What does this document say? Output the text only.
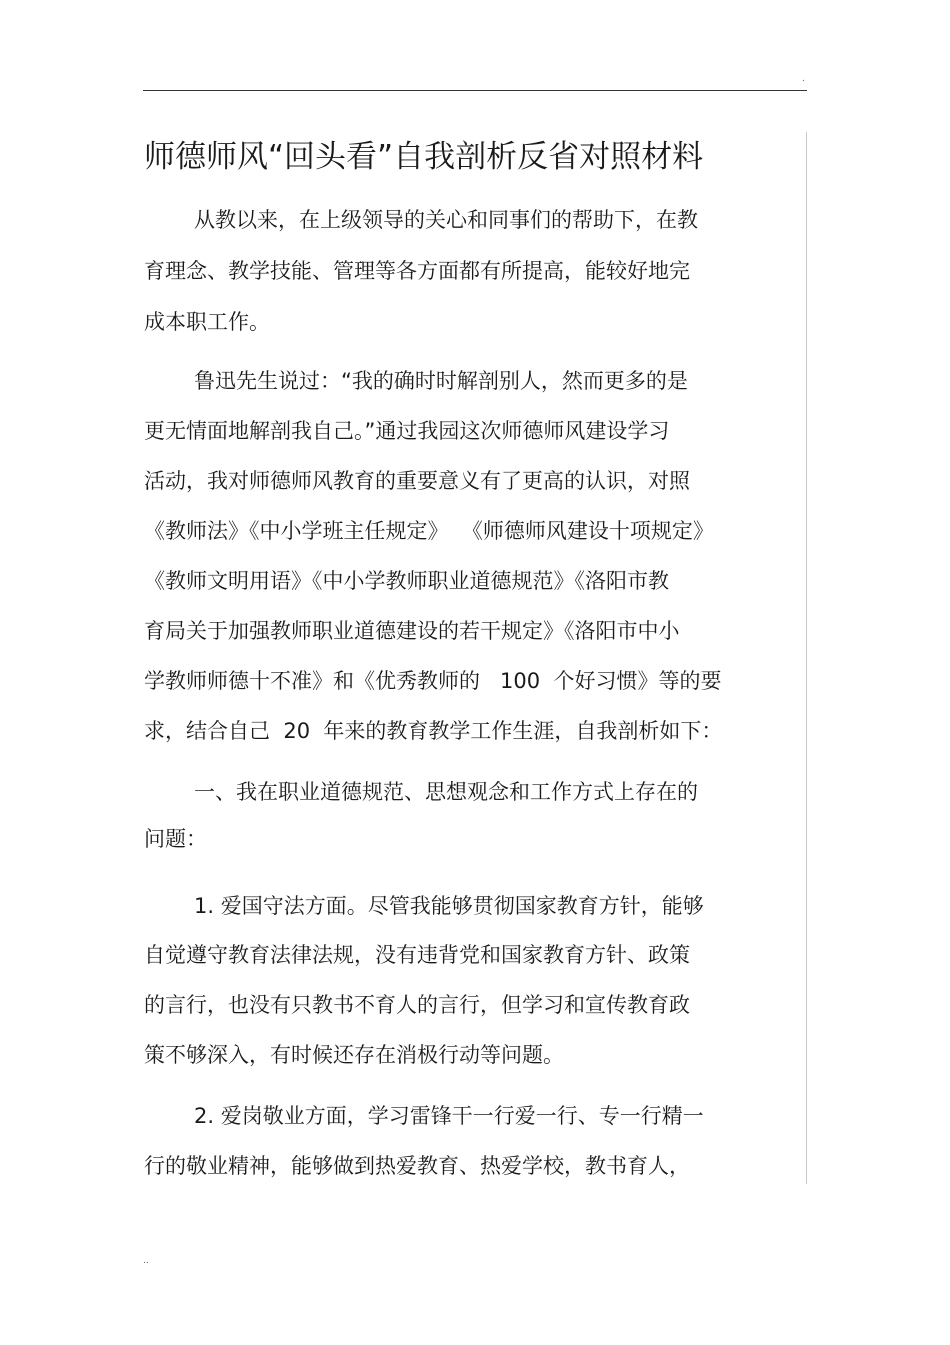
.
师德师风“回头看”自我剖析反省对照材料
从教以来，在上级领导的关心和同事们的帮助下，在教
育理念、教学技能、管理等各方面都有所提高，能较好地完
成本职工作。
鲁迅先生说过：“我的确时时解剖别人，然而更多的是
更无情面地解剖我自己。”通过我园这次师德师风建设学习
活动，我对师德师风教育的重要意义有了更高的认识，对照
《教师法》《中小学班主任规定》  《师德师风建设十项规定》
《教师文明用语》《中小学教师职业道德规范》《洛阳市教
育局关于加强教师职业道德建设的若干规定》《洛阳市中小
学教师师德十不准》和《优秀教师的   100  个好习惯》等的要
求，结合自己  20  年来的教育教学工作生涯，自我剖析如下：
一、我在职业道德规范、思想观念和工作方式上存在的
问题：
1. 爱国守法方面。尽管我能够贯彻国家教育方针，能够
自觉遵守教育法律法规，没有违背党和国家教育方针、政策
的言行，也没有只教书不育人的言行，但学习和宣传教育政
策不够深入，有时候还存在消极行动等问题。
2. 爱岗敬业方面，学习雷锋干一行爱一行、专一行精一
行的敬业精神，能够做到热爱教育、热爱学校，教书育人，
..
